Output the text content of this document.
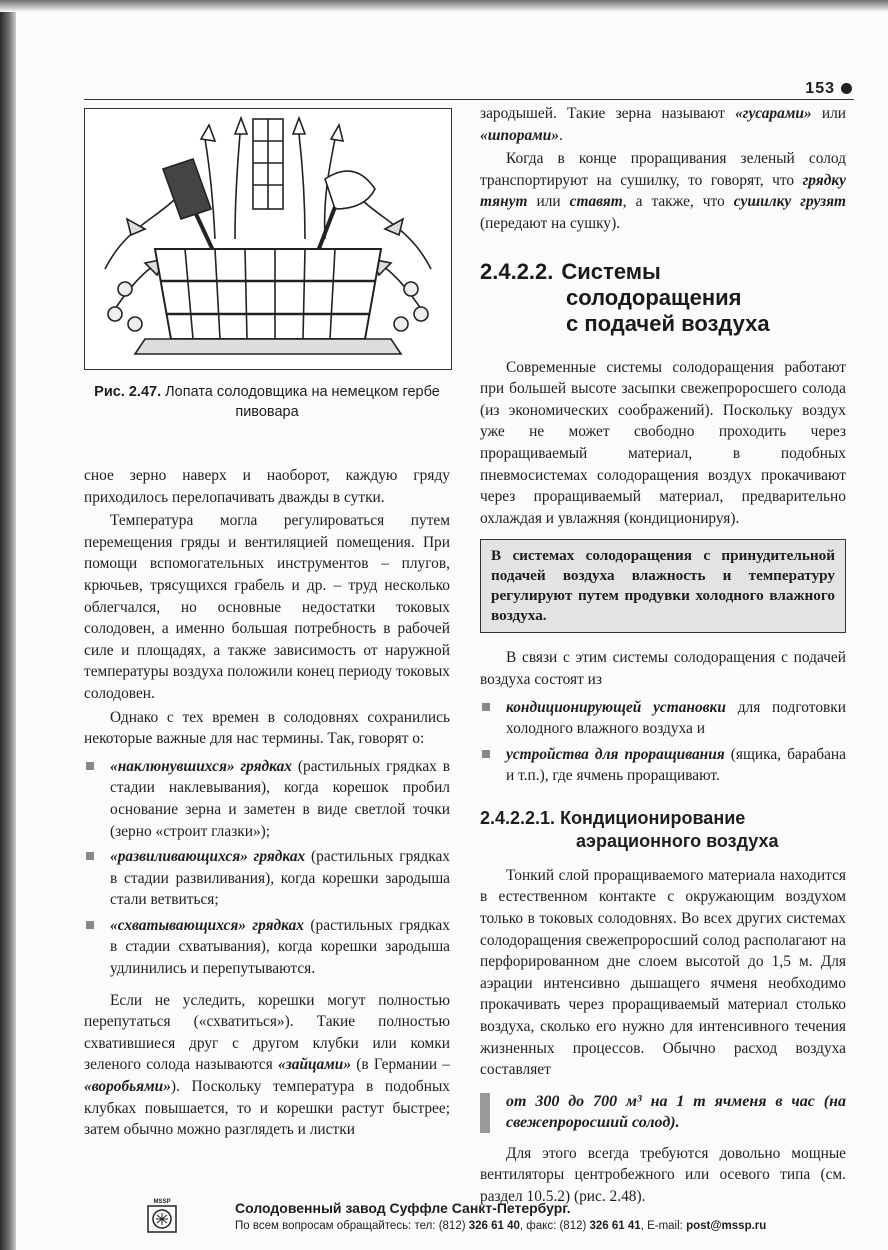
153
Рис. 2.47. Лопата солодовщика на немецком гербе пивовара

сное зерно наверх и наоборот, каждую гряду приходилось перелопачивать дважды в сутки.

Температура могла регулироваться путем перемещения гряды и вентиляцией помещения. При помощи вспомогательных инструментов – плугов, крючьев, трясущихся грабель и др. – труд несколько облегчался, но основные недостатки токовых солодовен, а именно большая потребность в рабочей силе и площадях, а также зависимость от наружной температуры воздуха положили конец периоду токовых солодовен.

Однако с тех времен в солодовнях сохранились некоторые важные для нас термины. Так, говорят о:

«наклюнувшихся» грядках (растильных грядках в стадии наклевывания), когда корешок пробил основание зерна и заметен в виде светлой точки (зерно «строит глазки»);
«развиливающихся» грядках (растильных грядках в стадии развиливания), когда корешки зародыша стали ветвиться;
«схватывающихся» грядках (растильных грядках в стадии схватывания), когда корешки зародыша удлинились и перепутываются.

Если не уследить, корешки могут полностью перепутаться («схватиться»). Такие полностью схватившиеся друг с другом клубки или комки зеленого солода называются «зайцами» (в Германии – «воробьями»). Поскольку температура в подобных клубках повышается, то и корешки растут быстрее; затем обычно можно разглядеть и листки

зародышей. Такие зерна называют «гусарами» или «шпорами».

Когда в конце проращивания зеленый солод транспортируют на сушилку, то говорят, что грядку тянут или ставят, а также, что сушилку грузят (передают на сушку).

2.4.2.2. Системы
солодоращения
с подачей воздуха

Современные системы солодоращения работают при большей высоте засыпки свежепроросшего солода (из экономических соображений). Поскольку воздух уже не может свободно проходить через проращиваемый материал, в подобных пневмосистемах солодоращения воздух прокачивают через проращиваемый материал, предварительно охлаждая и увлажняя (кондиционируя).

В системах солодоращения с принудительной подачей воздуха влажность и температуру регулируют путем продувки холодного влажного воздуха.

В связи с этим системы солодоращения с подачей воздуха состоят из

кондиционирующей установки для подготовки холодного влажного воздуха и
устройства для проращивания (ящика, барабана и т.п.), где ячмень проращивают.
2.4.2.2.1. Кондиционирование
аэрационного воздуха

Тонкий слой проращиваемого материала находится в естественном контакте с окружающим воздухом только в токовых солодовнях. Во всех других системах солодоращения свежепроросший солод располагают на перфорированном дне слоем высотой до 1,5 м. Для аэрации интенсивно дышащего ячменя необходимо прокачивать через проращиваемый материал столько воздуха, сколько его нужно для интенсивного течения жизненных процессов. Обычно расход воздуха составляет

от 300 до 700 м³ на 1 т ячменя в час (на свежепроросший солод).

Для этого всегда требуются довольно мощные вентиляторы центробежного или осевого типа (см. раздел 10.5.2) (рис. 2.48).

MSSP	Солодовенный завод Суффле Санкт-Петербург.
По всем вопросам обращайтесь: тел: (812) 326 61 40, факс: (812) 326 61 41, E-mail: post@mssp.ru
